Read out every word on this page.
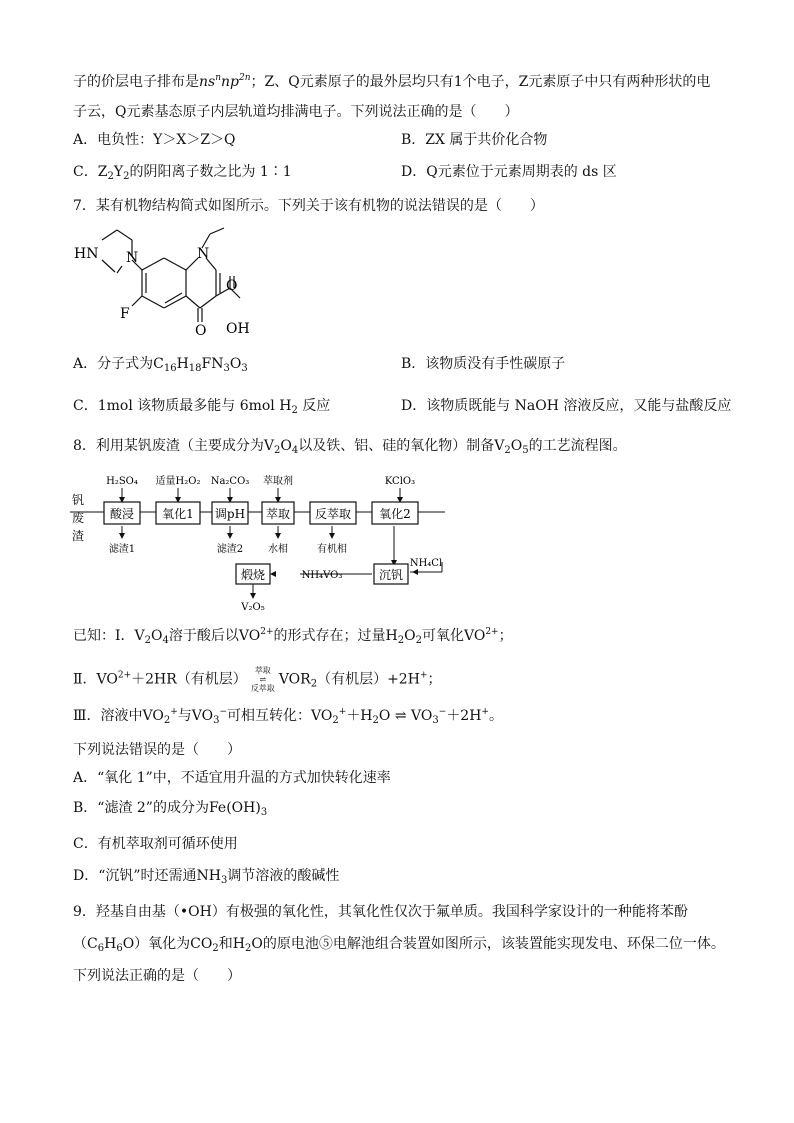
子的价层电子排布是$ns^nnp^{2n}$；Z、Q元素原子的最外层均只有1个电子，Z元素原子中只有两种形状的电
子云，Q元素基态原子内层轨道均排满电子。下列说法正确的是（　　）
A．电负性：Y＞X＞Z＞Q	B．ZX 属于共价化合物
C．$Z_2Y_2$的阴阳离子数之比为 1∶1	D．Q元素位于元素周期表的 ds 区
7．某有机物结构简式如图所示。下列关于该有机物的说法错误的是（　　）
HN N	N
F
O
O
OH
A．分子式为$C_{16}H_{18}FN_3O_3$	B．该物质没有手性碳原子
C．1mol 该物质最多能与 6mol $H_2$ 反应	D．该物质既能与 NaOH 溶液反应，又能与盐酸反应
8．利用某钒废渣（主要成分为$V_2O_4$以及铁、铝、硅的氧化物）制备$V_2O_5$的工艺流程图。
钒
废
渣
H₂SO₄ 适量H₂O₂ Na₂CO₃ 萃取剂	KClO₃
酸浸 氧化1 调pH 萃取 反萃取 氧化2
沉钒
煅烧
滤渣1	滤渣2 水相	有机相
NH₄Cl
NH₄VO₃
V₂O₅
已知：Ⅰ．$V_2O_4$溶于酸后以$VO^{2+}$的形式存在；过量$H_2O_2$可氧化$VO^{2+}$；
Ⅱ．$VO^{2+}+2HR$（有机层）萃取
⇌
反萃取$VOR_2$（有机层）+2H+；
Ⅲ．溶液中$VO_2^+$与$VO_3^-$可相互转化：$VO_2^++H_2O$ ⇌ $VO_3^-+2H^+$。
下列说法错误的是（　　）
A．“氧化 1”中，不适宜用升温的方式加快转化速率
B．“滤渣 2”的成分为$Fe(OH)_3$
C．有机萃取剂可循环使用
D．“沉钒”时还需通$NH_3$调节溶液的酸碱性
9．羟基自由基（•OH）有极强的氧化性，其氧化性仅次于氟单质。我国科学家设计的一种能将苯酚
$(C_6H_6O)$氧化为$CO_2$和$H_2O$的原电池⑤电解池组合装置如图所示，该装置能实现发电、环保二位一体。
下列说法正确的是（　　）
